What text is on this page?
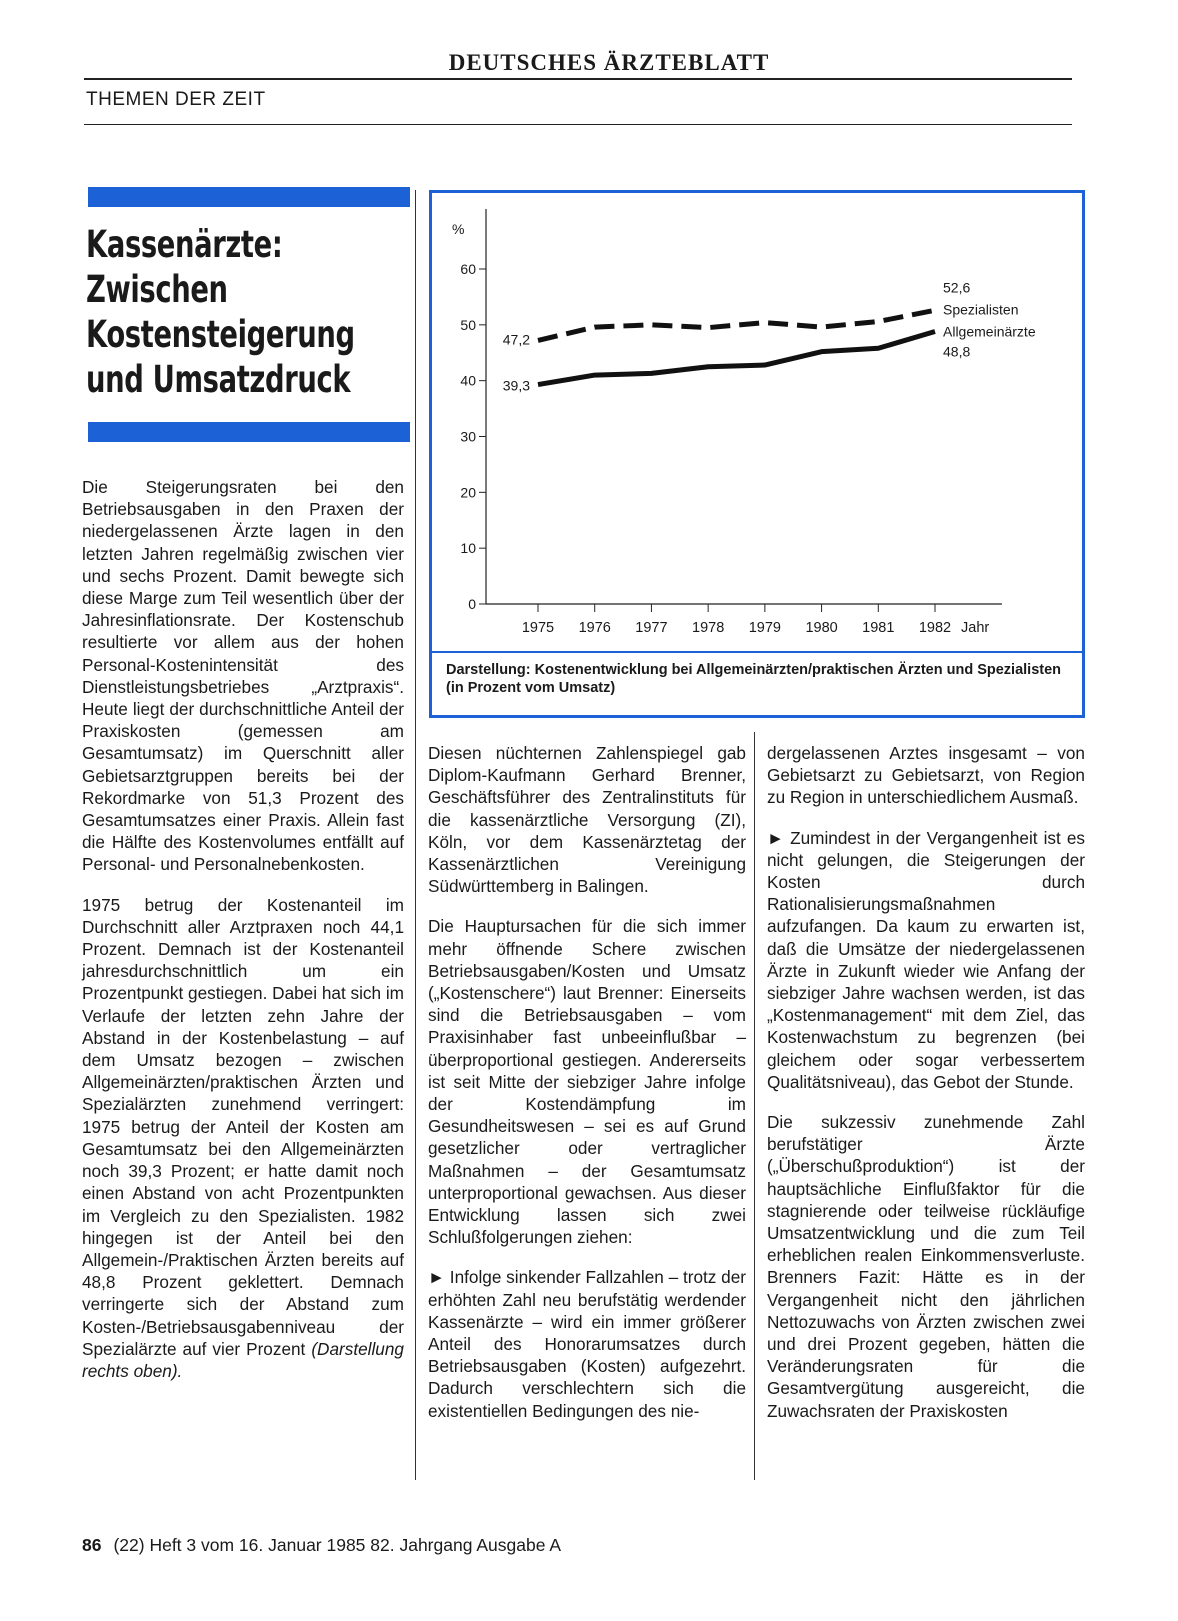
DEUTSCHES ÄRZTEBLATT
THEMEN DER ZEIT
Kassenärzte:
Zwischen
Kostensteigerung
und Umsatzdruck

Die Steigerungsraten bei den Betriebsausgaben in den Praxen der niedergelassenen Ärzte lagen in den letzten Jahren regelmäßig zwischen vier und sechs Prozent. Damit bewegte sich diese Marge zum Teil wesentlich über der Jahresinflationsrate. Der Kostenschub resultierte vor allem aus der hohen Personal-Kostenintensität des Dienstleistungsbetriebes „Arztpraxis“. Heute liegt der durchschnittliche Anteil der Praxiskosten (gemessen am Gesamtumsatz) im Querschnitt aller Gebietsarztgruppen bereits bei der Rekordmarke von 51,3 Prozent des Gesamtumsatzes einer Praxis. Allein fast die Hälfte des Kostenvolumes entfällt auf Personal- und Personalnebenkosten.

1975 betrug der Kostenanteil im Durchschnitt aller Arztpraxen noch 44,1 Prozent. Demnach ist der Kostenanteil jahresdurchschnittlich um ein Prozentpunkt gestiegen. Dabei hat sich im Verlaufe der letzten zehn Jahre der Abstand in der Kostenbelastung – auf dem Umsatz bezogen – zwischen Allgemeinärzten/praktischen Ärzten und Spezialärzten zunehmend verringert: 1975 betrug der Anteil der Kosten am Gesamtumsatz bei den Allgemeinärzten noch 39,3 Prozent; er hatte damit noch einen Abstand von acht Prozentpunkten im Vergleich zu den Spezialisten. 1982 hingegen ist der Anteil bei den Allgemein-/Praktischen Ärzten bereits auf 48,8 Prozent geklettert. Demnach verringerte sich der Abstand zum Kosten-/Betriebsausgabenniveau der Spezialärzte auf vier Prozent (Darstellung rechts oben).

%
0
10
20
30
40
50
60
1975 1976 1977 1978 1979 1980 1981 1982 Jahr
47,2
52,6
Spezialisten
39,3
Allgemeinärzte
48,8
Darstellung: Kostenentwicklung bei Allgemeinärzten/praktischen Ärzten und Spezialisten (in Prozent vom Umsatz)

Diesen nüchternen Zahlenspiegel gab Diplom-Kaufmann Gerhard Brenner, Geschäftsführer des Zentralinstituts für die kassenärztliche Versorgung (ZI), Köln, vor dem Kassenärztetag der Kassenärztlichen Vereinigung Südwürttemberg in Balingen.

Die Hauptursachen für die sich immer mehr öffnende Schere zwischen Betriebsausgaben/Kosten und Umsatz („Kostenschere“) laut Brenner: Einerseits sind die Betriebsausgaben – vom Praxisinhaber fast unbeeinflußbar – überproportional gestiegen. Andererseits ist seit Mitte der siebziger Jahre infolge der Kostendämpfung im Gesundheitswesen – sei es auf Grund gesetzlicher oder vertraglicher Maßnahmen – der Gesamtumsatz unterproportional gewachsen. Aus dieser Entwicklung lassen sich zwei Schlußfolgerungen ziehen:

► Infolge sinkender Fallzahlen – trotz der erhöhten Zahl neu berufstätig werdender Kassenärzte – wird ein immer größerer Anteil des Honorarumsatzes durch Betriebsausgaben (Kosten) aufgezehrt. Dadurch verschlechtern sich die existentiellen Bedingungen des nie-

dergelassenen Arztes insgesamt – von Gebietsarzt zu Gebietsarzt, von Region zu Region in unterschiedlichem Ausmaß.

► Zumindest in der Vergangenheit ist es nicht gelungen, die Steigerungen der Kosten durch Rationalisierungsmaßnahmen aufzufangen. Da kaum zu erwarten ist, daß die Umsätze der niedergelassenen Ärzte in Zukunft wieder wie Anfang der siebziger Jahre wachsen werden, ist das „Kostenmanagement“ mit dem Ziel, das Kostenwachstum zu begrenzen (bei gleichem oder sogar verbessertem Qualitätsniveau), das Gebot der Stunde.

Die sukzessiv zunehmende Zahl berufstätiger Ärzte („Überschußproduktion“) ist der hauptsächliche Einflußfaktor für die stagnierende oder teilweise rückläufige Umsatzentwicklung und die zum Teil erheblichen realen Einkommensverluste. Brenners Fazit: Hätte es in der Vergangenheit nicht den jährlichen Nettozuwachs von Ärzten zwischen zwei und drei Prozent gegeben, hätten die Veränderungsraten für die Gesamtvergütung ausgereicht, die Zuwachsraten der Praxiskosten

86 (22) Heft 3 vom 16. Januar 1985 82. Jahrgang Ausgabe A
